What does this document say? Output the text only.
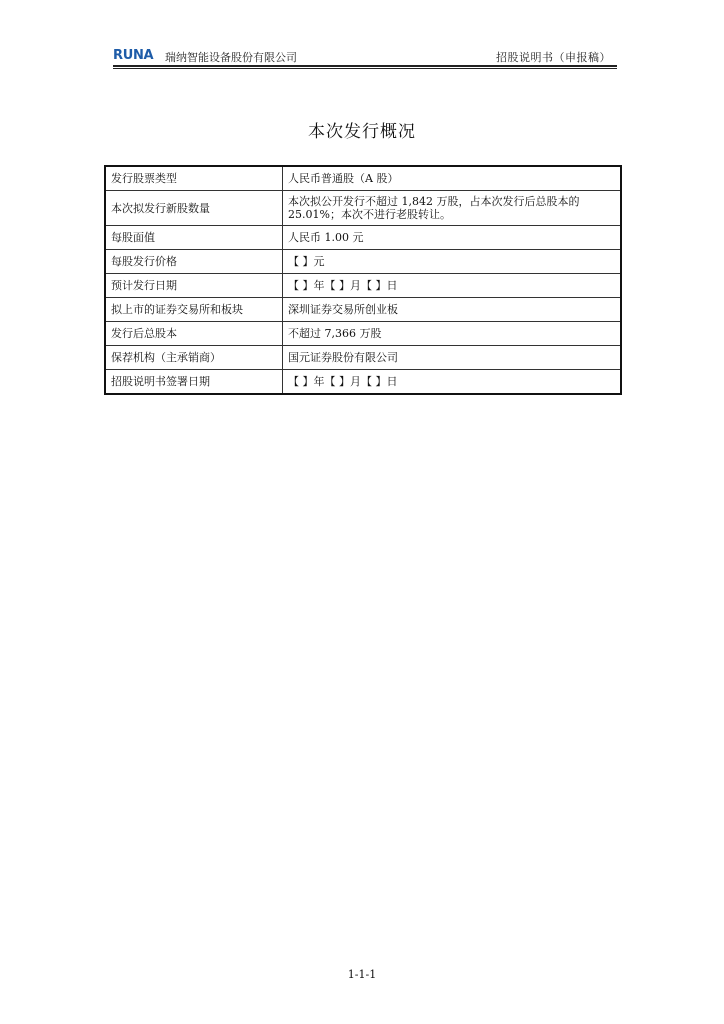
RUNA 瑞纳智能设备股份有限公司	招股说明书（申报稿）
本次发行概况
发行股票类型	人民币普通股（A 股）
本次拟发行新股数量	本次拟公开发行不超过 1,842 万股，占本次发行后总股本的 25.01%；本次不进行老股转让。
每股面值	人民币 1.00 元
每股发行价格	【 】元
预计发行日期	【 】年【 】月【 】日
拟上市的证券交易所和板块	深圳证券交易所创业板
发行后总股本	不超过 7,366 万股
保荐机构（主承销商）	国元证券股份有限公司
招股说明书签署日期	【 】年【 】月【 】日
1-1-1
